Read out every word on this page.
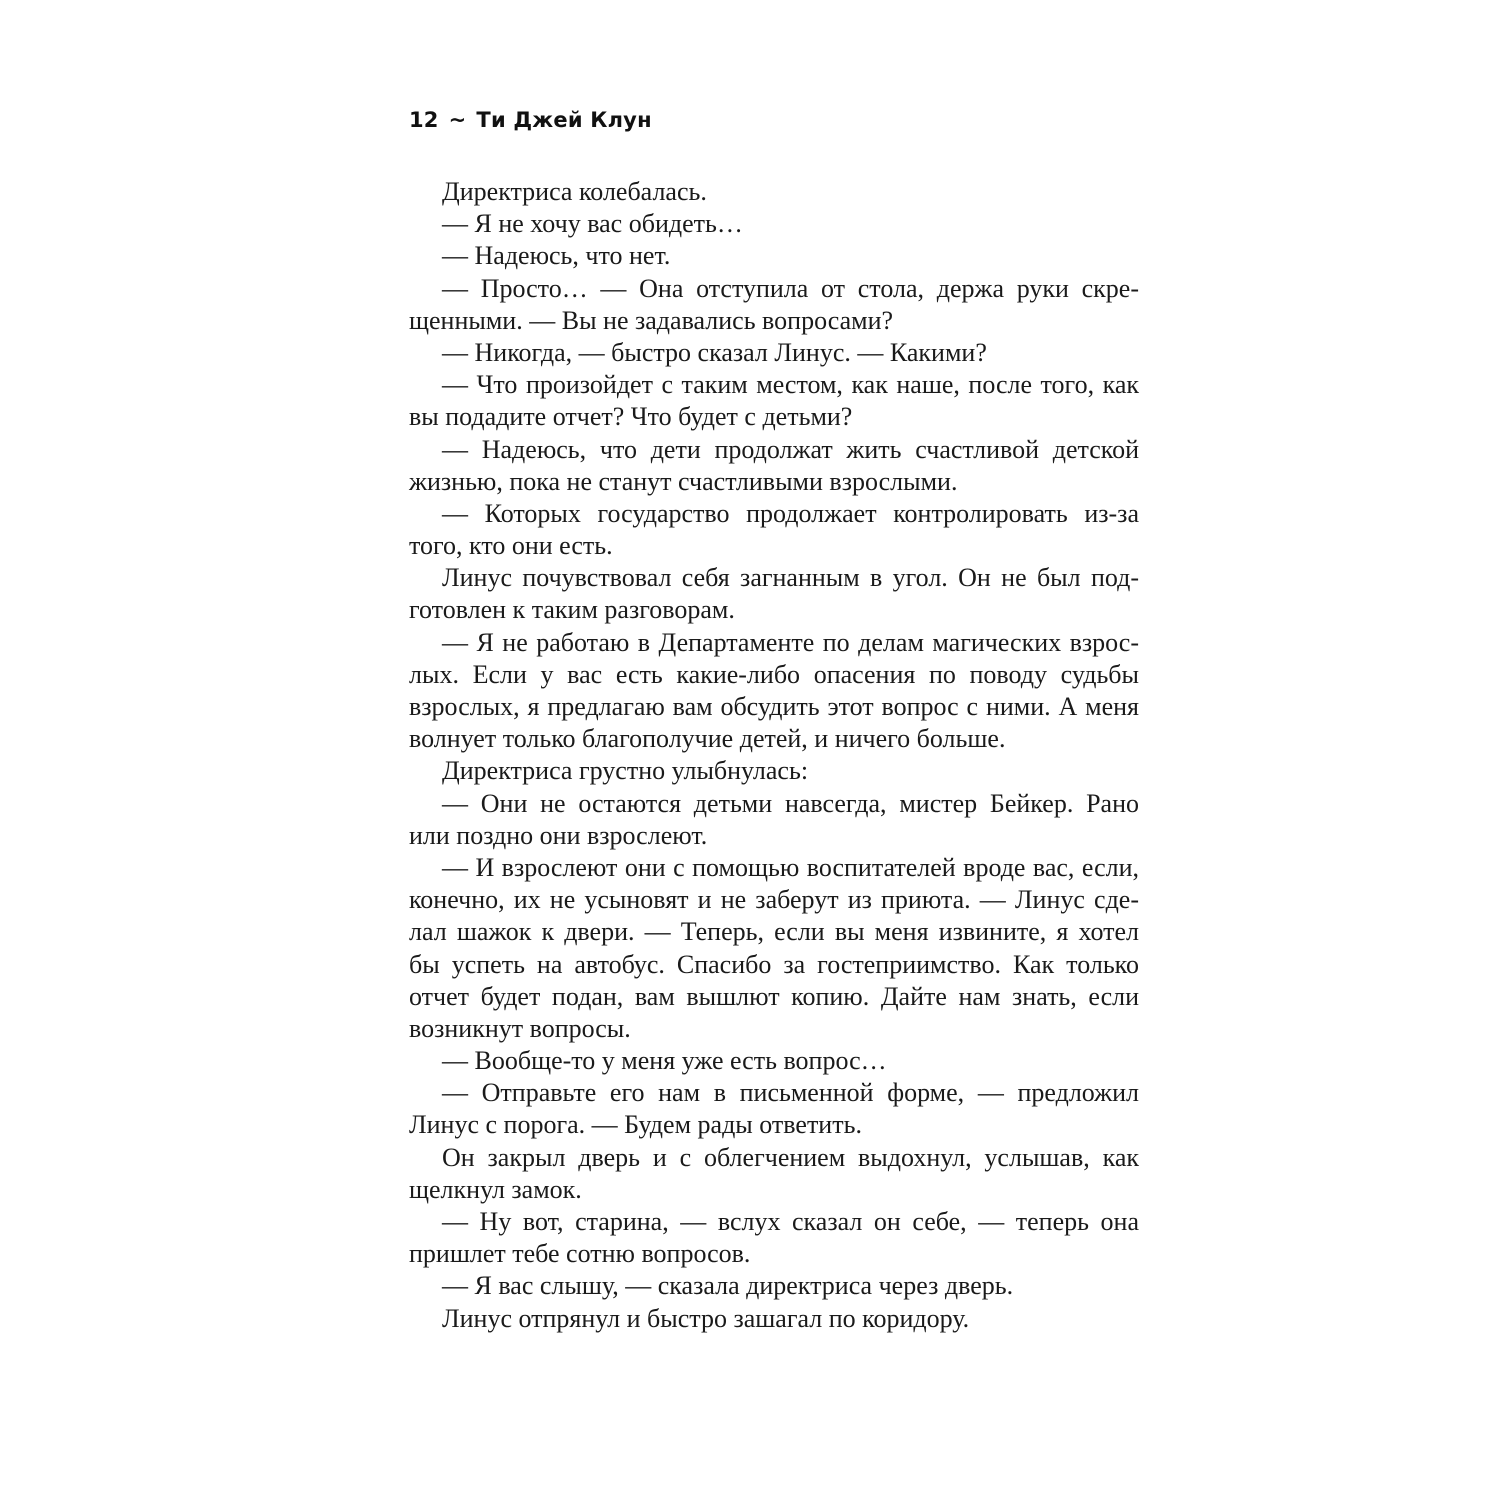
12 ~ Ти Джей Клун
Директриса колебалась.
— Я не хочу вас обидеть…
— Надеюсь, что нет.
— Просто… — Она отступила от стола, держа руки скре-
щенными. — Вы не задавались вопросами?
— Никогда, — быстро сказал Линус. — Какими?
— Что произойдет с таким местом, как наше, после того, как
вы подадите отчет? Что будет с детьми?
— Надеюсь, что дети продолжат жить счастливой детской
жизнью, пока не станут счастливыми взрослыми.
— Которых государство продолжает контролировать из-за
того, кто они есть.
Линус почувствовал себя загнанным в угол. Он не был под-
готовлен к таким разговорам.
— Я не работаю в Департаменте по делам магических взрос-
лых. Если у вас есть какие-либо опасения по поводу судьбы
взрослых, я предлагаю вам обсудить этот вопрос с ними. А меня
волнует только благополучие детей, и ничего больше.
Директриса грустно улыбнулась:
— Они не остаются детьми навсегда, мистер Бейкер. Рано
или поздно они взрослеют.
— И взрослеют они с помощью воспитателей вроде вас, если,
конечно, их не усыновят и не заберут из приюта. — Линус сде-
лал шажок к двери. — Теперь, если вы меня извините, я хотел
бы успеть на автобус. Спасибо за гостеприимство. Как только
отчет будет подан, вам вышлют копию. Дайте нам знать, если
возникнут вопросы.
— Вообще-то у меня уже есть вопрос…
— Отправьте его нам в письменной форме, — предложил
Линус с порога. — Будем рады ответить.
Он закрыл дверь и с облегчением выдохнул, услышав, как
щелкнул замок.
— Ну вот, старина, — вслух сказал он себе, — теперь она
пришлет тебе сотню вопросов.
— Я вас слышу, — сказала директриса через дверь.
Линус отпрянул и быстро зашагал по коридору.
